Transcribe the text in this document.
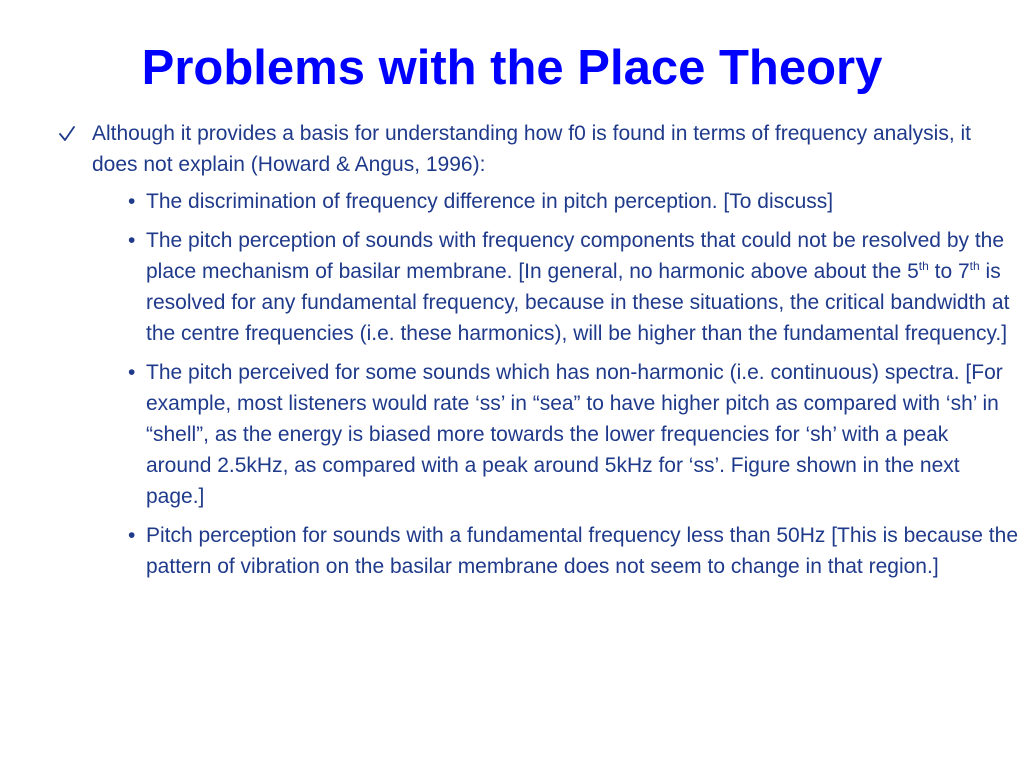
Problems with the Place Theory

Although it provides a basis for understanding how f0 is found in terms of frequency analysis, it does not explain (Howard & Angus, 1996):

• The discrimination of frequency difference in pitch perception. [To discuss]
• The pitch perception of sounds with frequency components that could not be resolved by the place mechanism of basilar membrane. [In general, no harmonic above about the 5th to 7th is resolved for any fundamental frequency, because in these situations, the critical bandwidth at the centre frequencies (i.e. these harmonics), will be higher than the fundamental frequency.]
• The pitch perceived for some sounds which has non-harmonic (i.e. continuous) spectra. [For example, most listeners would rate ‘ss’ in “sea” to have higher pitch as compared with ‘sh’ in “shell”, as the energy is biased more towards the lower frequencies for ‘sh’ with a peak around 2.5kHz, as compared with a peak around 5kHz for ‘ss’. Figure shown in the next page.]
• Pitch perception for sounds with a fundamental frequency less than 50Hz [This is because the pattern of vibration on the basilar membrane does not seem to change in that region.]
